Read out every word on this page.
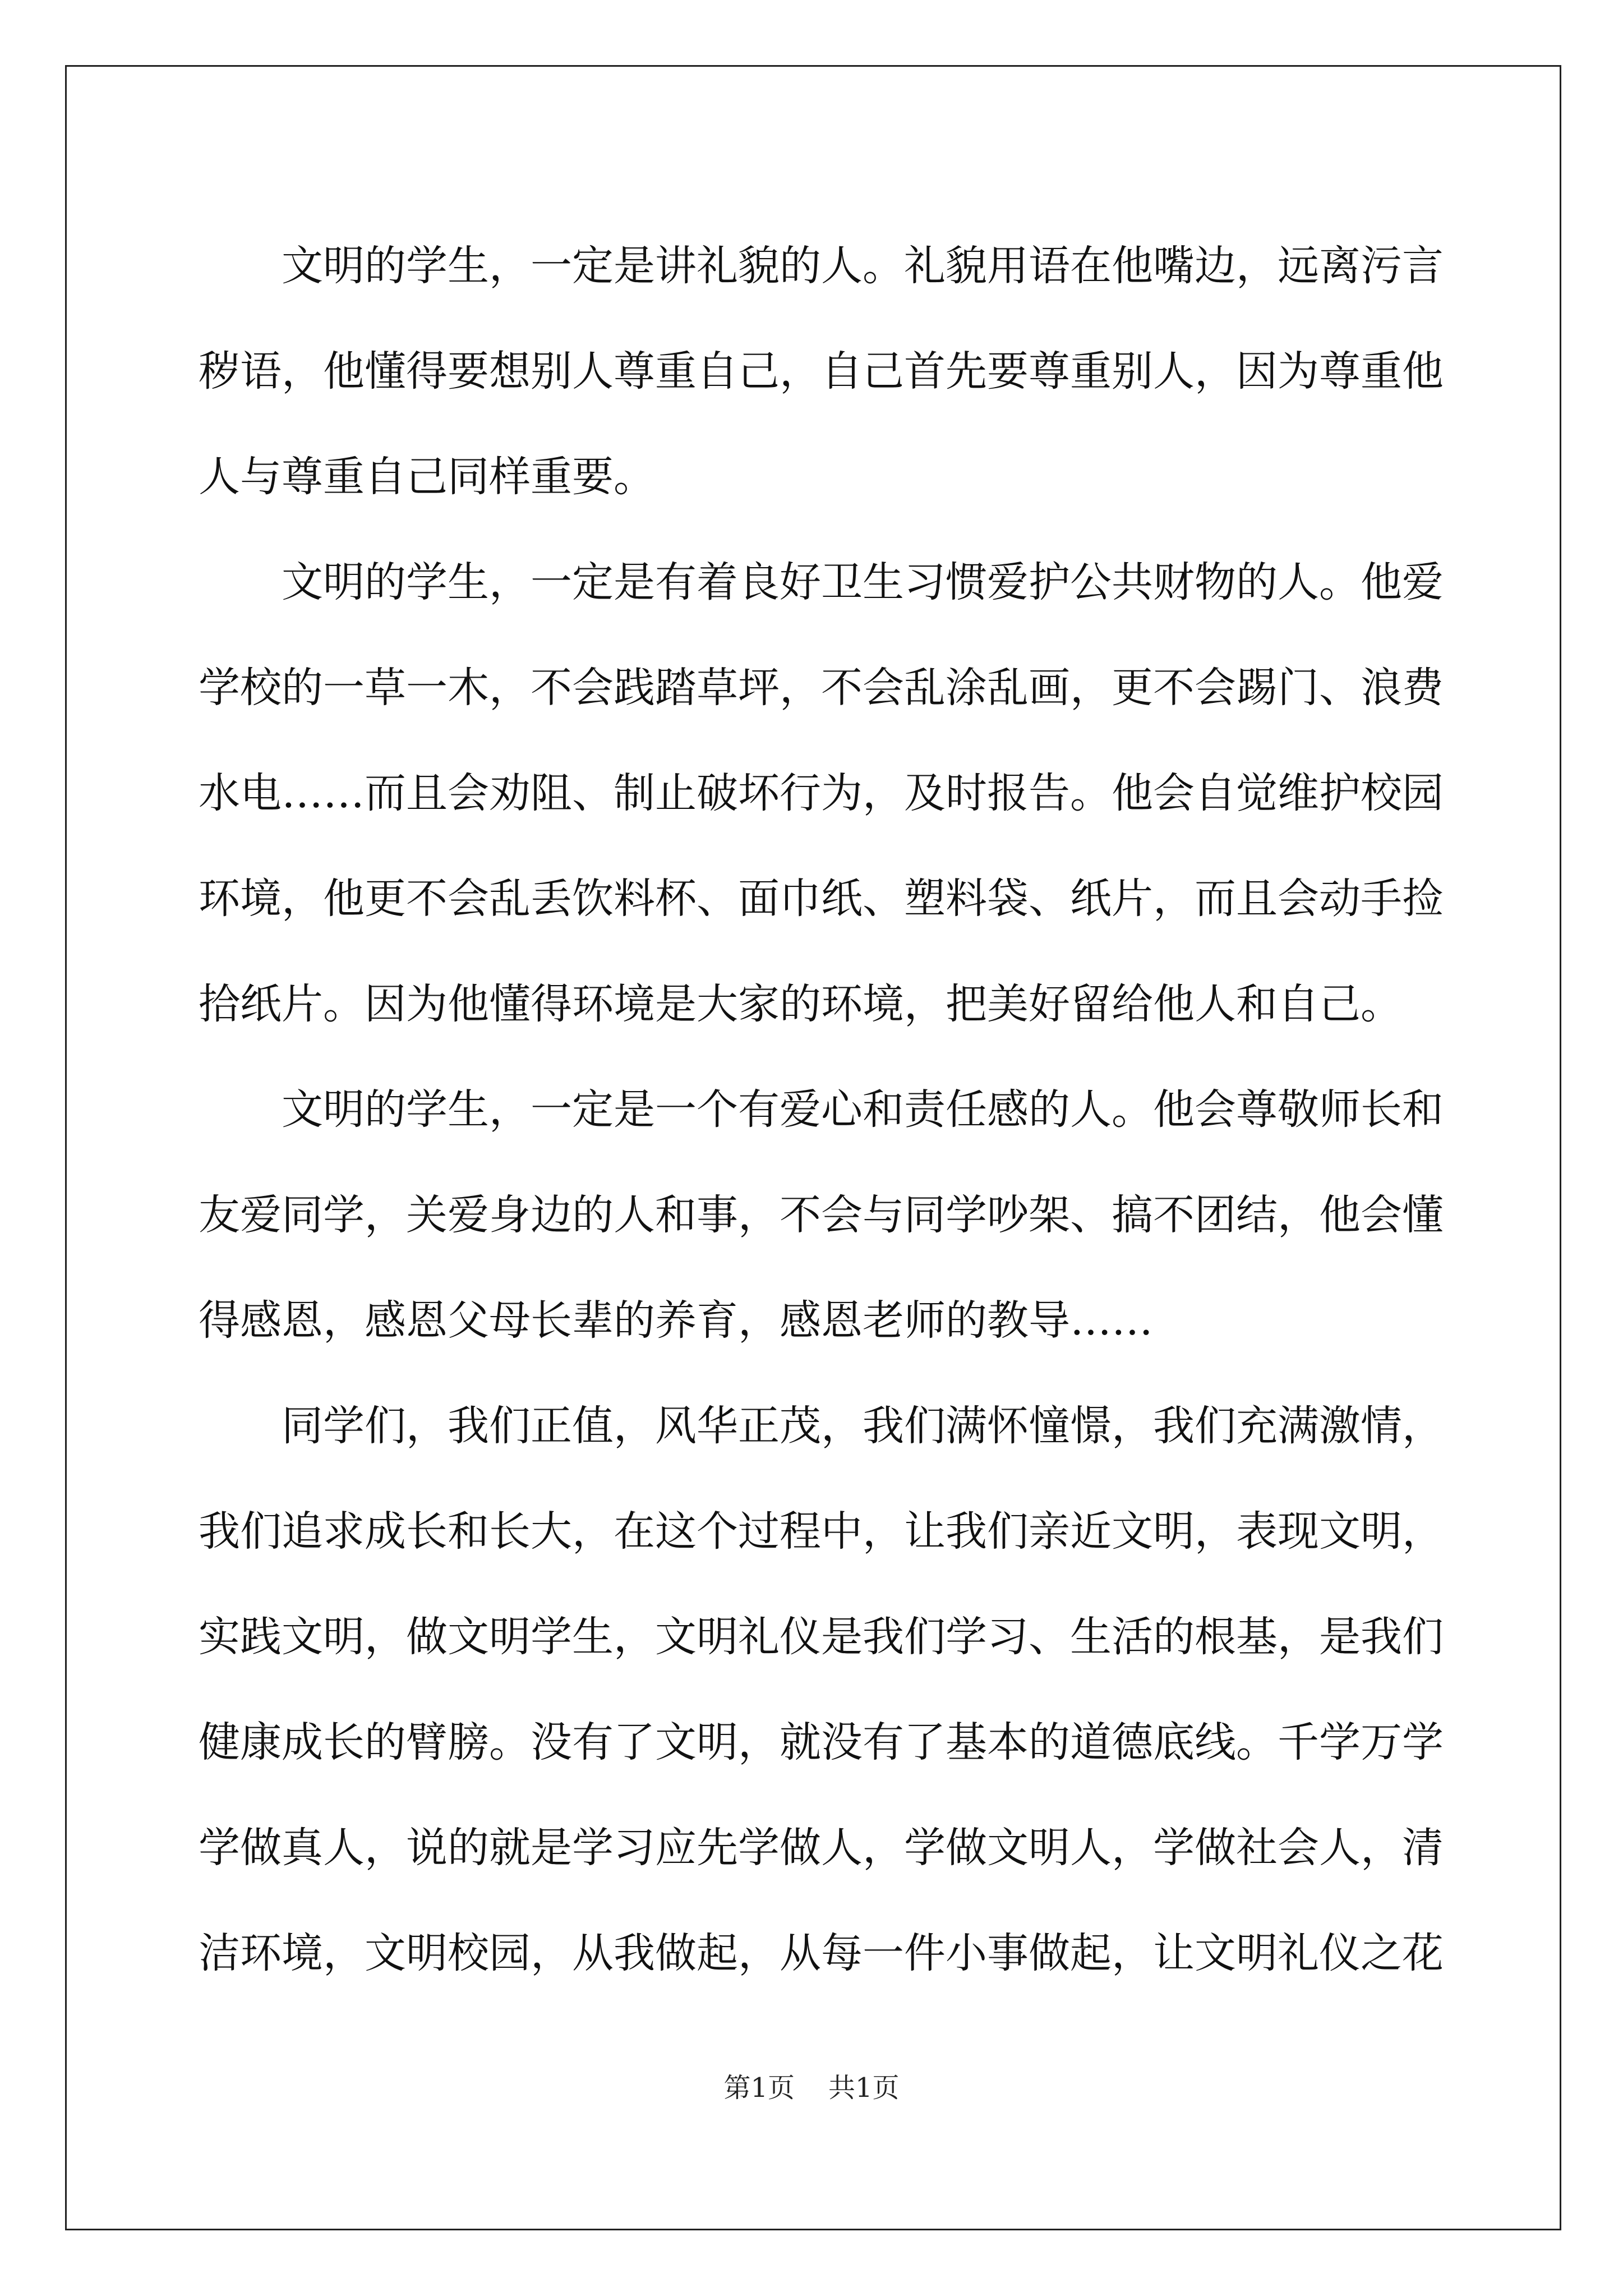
文明的学生，一定是讲礼貌的人。礼貌用语在他嘴边，远离污言
秽语，他懂得要想别人尊重自己，自己首先要尊重别人，因为尊重他
人与尊重自己同样重要。
文明的学生，一定是有着良好卫生习惯爱护公共财物的人。他爱
学校的一草一木，不会践踏草坪，不会乱涂乱画，更不会踢门、浪费
水电……而且会劝阻、制止破坏行为，及时报告。他会自觉维护校园
环境，他更不会乱丢饮料杯、面巾纸、塑料袋、纸片，而且会动手捡
拾纸片。因为他懂得环境是大家的环境，把美好留给他人和自己。
文明的学生，一定是一个有爱心和责任感的人。他会尊敬师长和
友爱同学，关爱身边的人和事，不会与同学吵架、搞不团结，他会懂
得感恩，感恩父母长辈的养育，感恩老师的教导……
同学们，我们正值，风华正茂，我们满怀憧憬，我们充满激情，
我们追求成长和长大，在这个过程中，让我们亲近文明，表现文明，
实践文明，做文明学生，文明礼仪是我们学习、生活的根基，是我们
健康成长的臂膀。没有了文明，就没有了基本的道德底线。千学万学
学做真人，说的就是学习应先学做人，学做文明人，学做社会人，清
洁环境，文明校园，从我做起，从每一件小事做起，让文明礼仪之花
第1页 共1页
